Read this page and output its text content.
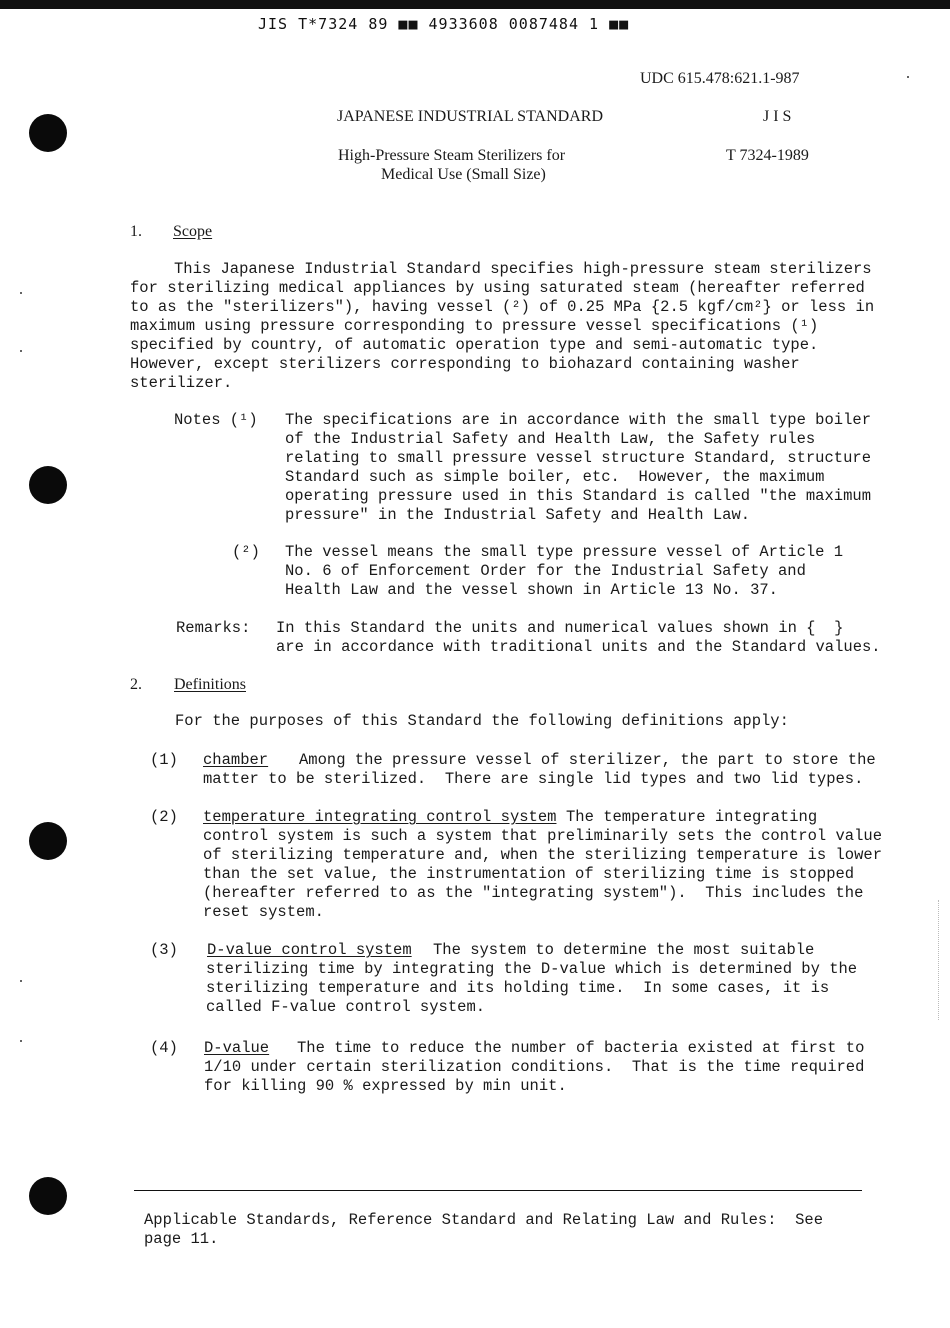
JIS T*7324 89 ■■ 4933608 0087484 1 ■■
UDC 615.478:621.1-987
JAPANESE INDUSTRIAL STANDARD	J I S
High-Pressure Steam Sterilizers for
Medical Use (Small Size)
T 7324-1989
1. Scope
This Japanese Industrial Standard specifies high-pressure steam sterilizers
for sterilizing medical appliances by using saturated steam (hereafter referred
to as the "sterilizers"), having vessel (²) of 0.25 MPa {2.5 kgf/cm²} or less in
maximum using pressure corresponding to pressure vessel specifications (¹)
specified by country, of automatic operation type and semi-automatic type.
However, except sterilizers corresponding to biohazard containing washer
sterilizer.
Notes (¹) The specifications are in accordance with the small type boiler
of the Industrial Safety and Health Law, the Safety rules
relating to small pressure vessel structure Standard, structure
Standard such as simple boiler, etc.  However, the maximum
operating pressure used in this Standard is called "the maximum
pressure" in the Industrial Safety and Health Law.
(²) The vessel means the small type pressure vessel of Article 1
No. 6 of Enforcement Order for the Industrial Safety and
Health Law and the vessel shown in Article 13 No. 37.
Remarks: In this Standard the units and numerical values shown in {  }
are in accordance with traditional units and the Standard values.
2. Definitions
For the purposes of this Standard the following definitions apply:
(1) chamber Among the pressure vessel of sterilizer, the part to store the
matter to be sterilized.  There are single lid types and two lid types.
(2) temperature integrating control system The temperature integrating
control system is such a system that preliminarily sets the control value
of sterilizing temperature and, when the sterilizing temperature is lower
than the set value, the instrumentation of sterilizing time is stopped
(hereafter referred to as the "integrating system").  This includes the
reset system.
(3) D-value control system The system to determine the most suitable
sterilizing time by integrating the D-value which is determined by the
sterilizing temperature and its holding time.  In some cases, it is
called F-value control system.
(4) D-value The time to reduce the number of bacteria existed at first to
1/10 under certain sterilization conditions.  That is the time required
for killing 90 % expressed by min unit.
Applicable Standards, Reference Standard and Relating Law and Rules:  See
page 11.
